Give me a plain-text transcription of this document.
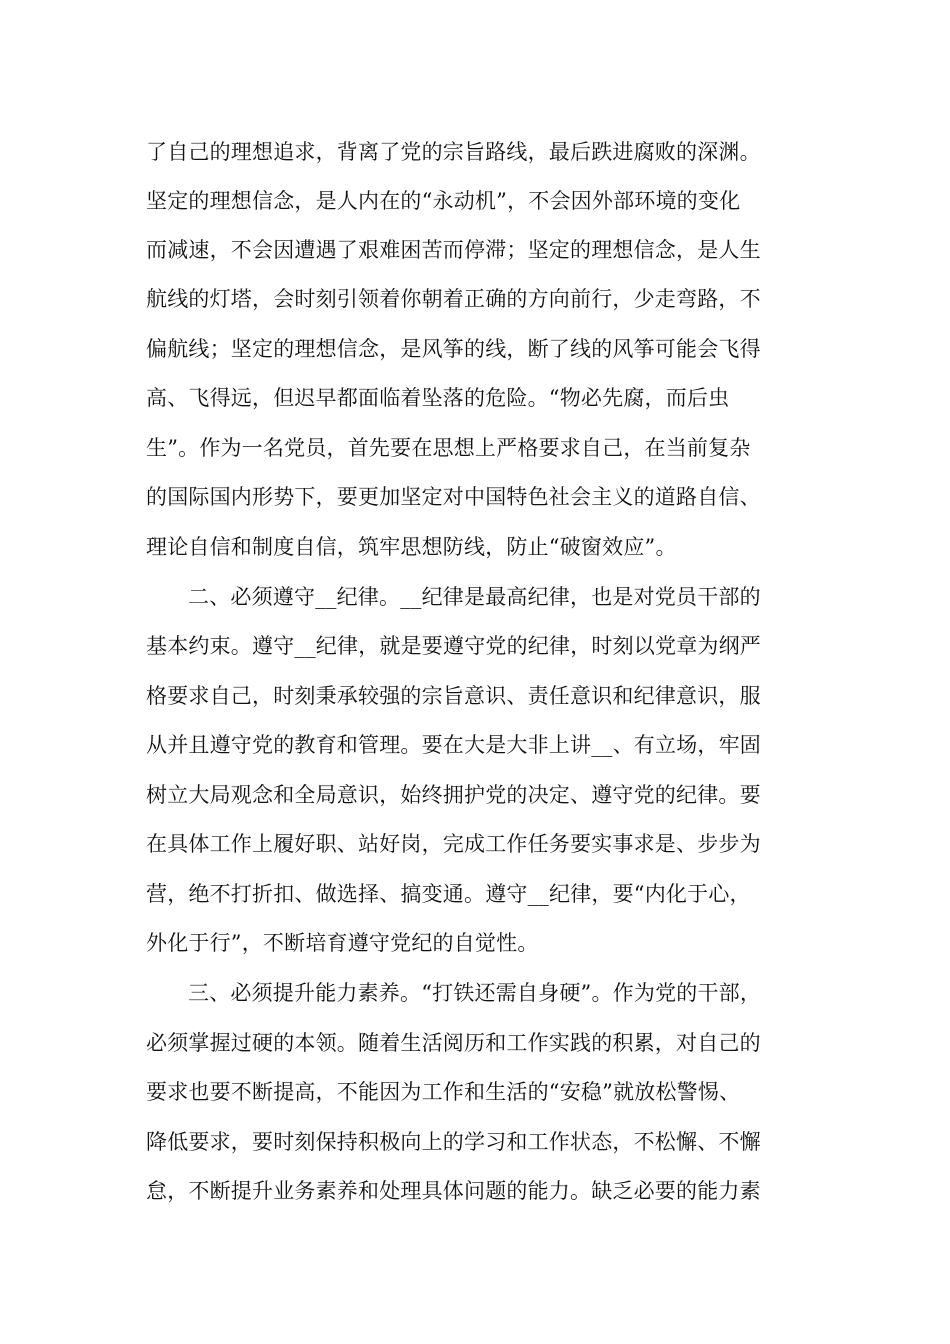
了自己的理想追求，背离了党的宗旨路线，最后跌进腐败的深渊。
坚定的理想信念，是人内在的“永动机”，不会因外部环境的变化
而减速，不会因遭遇了艰难困苦而停滞；坚定的理想信念，是人生
航线的灯塔，会时刻引领着你朝着正确的方向前行，少走弯路，不
偏航线；坚定的理想信念，是风筝的线，断了线的风筝可能会飞得
高、飞得远，但迟早都面临着坠落的危险。“物必先腐，而后虫
生”。作为一名党员，首先要在思想上严格要求自己，在当前复杂
的国际国内形势下，要更加坚定对中国特色社会主义的道路自信、
理论自信和制度自信，筑牢思想防线，防止“破窗效应”。
二、必须遵守__纪律。__纪律是最高纪律，也是对党员干部的
基本约束。遵守__纪律，就是要遵守党的纪律，时刻以党章为纲严
格要求自己，时刻秉承较强的宗旨意识、责任意识和纪律意识，服
从并且遵守党的教育和管理。要在大是大非上讲__、有立场，牢固
树立大局观念和全局意识，始终拥护党的决定、遵守党的纪律。要
在具体工作上履好职、站好岗，完成工作任务要实事求是、步步为
营，绝不打折扣、做选择、搞变通。遵守__纪律，要“内化于心，
外化于行”，不断培育遵守党纪的自觉性。
三、必须提升能力素养。“打铁还需自身硬”。作为党的干部，
必须掌握过硬的本领。随着生活阅历和工作实践的积累，对自己的
要求也要不断提高，不能因为工作和生活的“安稳”就放松警惕、
降低要求，要时刻保持积极向上的学习和工作状态，不松懈、不懈
怠，不断提升业务素养和处理具体问题的能力。缺乏必要的能力素
